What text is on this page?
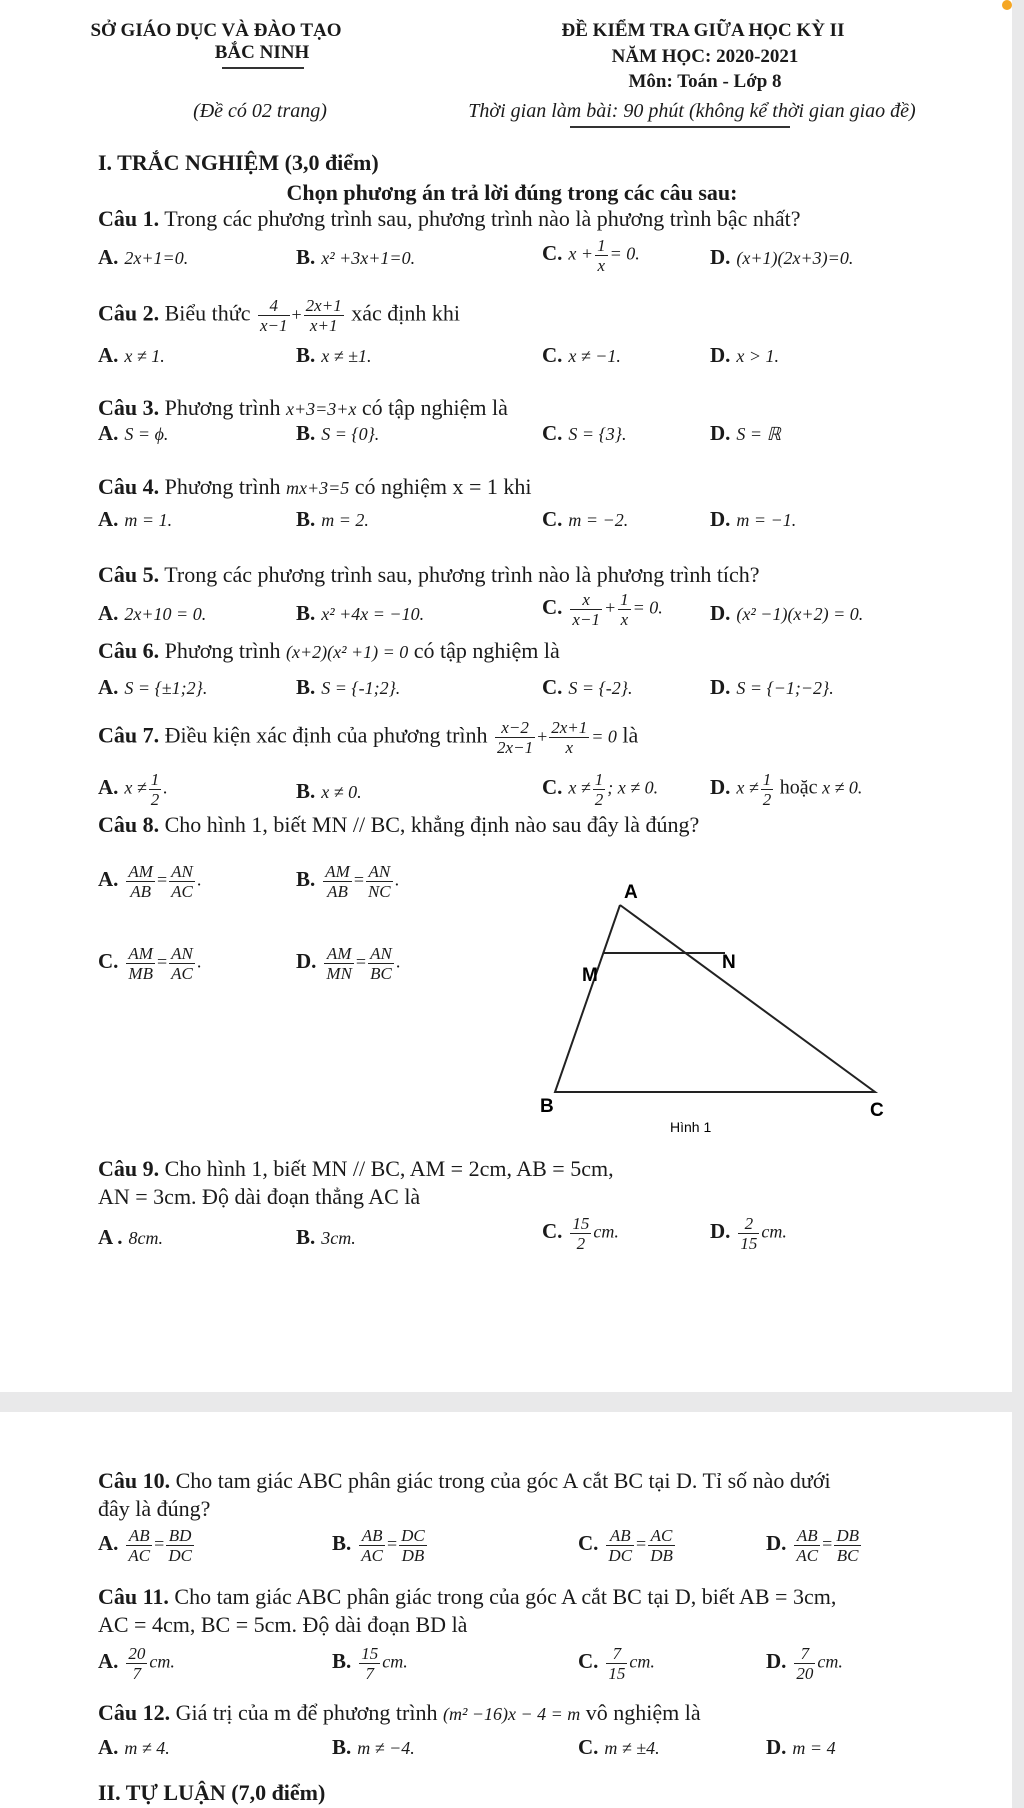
SỞ GIÁO DỤC VÀ ĐÀO TẠO
BẮC NINH
(Đề có 02 trang)
ĐỀ KIỂM TRA GIỮA HỌC KỲ II
NĂM HỌC: 2020-2021
Môn: Toán - Lớp 8
Thời gian làm bài: 90 phút (không kể thời gian giao đề)
I. TRẮC NGHIỆM (3,0 điểm)
Chọn phương án trả lời đúng trong các câu sau:
Câu 1. Trong các phương trình sau, phương trình nào là phương trình bậc nhất?
A. 2x+1=0.	B. x² +3x+1=0.	C. $x + \frac{1}{x} = 0$.	D. (x+1)(2x+3)=0.
Câu 2. Biểu thức $\frac{4}{x-1} + \frac{2x+1}{x+1}$ xác định khi
A. x ≠ 1.	B. x ≠ ±1.	C. x ≠ −1.	D. x > 1.
Câu 3. Phương trình x+3=3+x có tập nghiệm là
A. S = ϕ.	B. S = {0}.	C. S = {3}.	D. S = ℝ
Câu 4. Phương trình mx+3=5 có nghiệm x = 1 khi
A. m = 1.	B. m = 2.	C. m = −2.	D. m = −1.
Câu 5. Trong các phương trình sau, phương trình nào là phương trình tích?
A. 2x+10 = 0.	B. x² +4x = −10.	C. $\frac{x}{x-1} + \frac{1}{x} = 0$. D. (x² −1)(x+2) = 0.
Câu 6. Phương trình (x+2)(x² +1) = 0 có tập nghiệm là
A. S = {±1;2}.	B. S = {-1;2}.	C. S = {-2}.	D. S = {−1;−2}.
Câu 7. Điều kiện xác định của phương trình $\frac{x-2}{2x-1} + \frac{2x+1}{x} = 0$ là
A. $x \ne \frac{1}{2}$ .	B. x ≠ 0.	C. $x \ne \frac{1}{2}$ ; x ≠ 0. D. $x \ne \frac{1}{2}$ hoặc x ≠ 0.
Câu 8. Cho hình 1, biết MN // BC, khẳng định nào sau đây là đúng?
A. $\frac{AM}{AB} = \frac{AN}{AC}$ .	B. $\frac{AM}{AB} = \frac{AN}{NC}$ .
C. $\frac{AM}{MB} = \frac{AN}{AC}$ .	D. $\frac{AM}{MN} = \frac{AN}{BC}$ .
A
M
N
B	C
Hình 1
Câu 9. Cho hình 1, biết MN // BC, AM = 2cm, AB = 5cm,
AN = 3cm. Độ dài đoạn thẳng AC là
A . 8cm.	B. 3cm.	C. $\frac{15}{2}$ cm.	D. $\frac{2}{15}$ cm.
Câu 10. Cho tam giác ABC phân giác trong của góc A cắt BC tại D. Tỉ số nào dưới
đây là đúng?
A. $\frac{AB}{AC} = \frac{BD}{DC}$	B. $\frac{AB}{AC} = \frac{DC}{DB}$	C. $\frac{AB}{DC} = \frac{AC}{DB}$	D. $\frac{AB}{AC} = \frac{DB}{BC}$
Câu 11. Cho tam giác ABC phân giác trong của góc A cắt BC tại D, biết AB = 3cm,
AC = 4cm, BC = 5cm. Độ dài đoạn BD là
A. $\frac{20}{7}$ cm.	B. $\frac{15}{7}$ cm.	C. $\frac{7}{15}$ cm.	D. $\frac{7}{20}$ cm.
Câu 12. Giá trị của m để phương trình (m² −16)x − 4 = m vô nghiệm là
A. m ≠ 4.	B. m ≠ −4.	C. m ≠ ±4.	D. m = 4
II. TỰ LUẬN (7,0 điểm)
